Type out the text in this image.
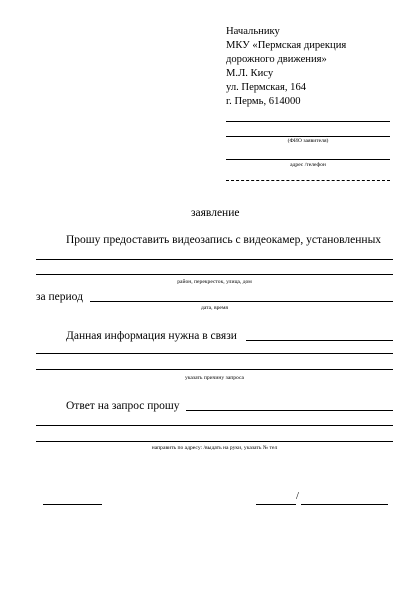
Начальнику
МКУ «Пермская дирекция
дорожного движения»
М.Л. Кису
ул. Пермская, 164
г. Пермь, 614000
(ФИО заявителя)
адрес /телефон
заявление
Прошу предоставить видеозапись с видеокамер, установленных
район, перекресток, улица, дом
за период
дата, время
Данная информация нужна в связи
указать причину запроса
Ответ на запрос прошу
направить по адресу: /выдать на руки, указать № тел
/
